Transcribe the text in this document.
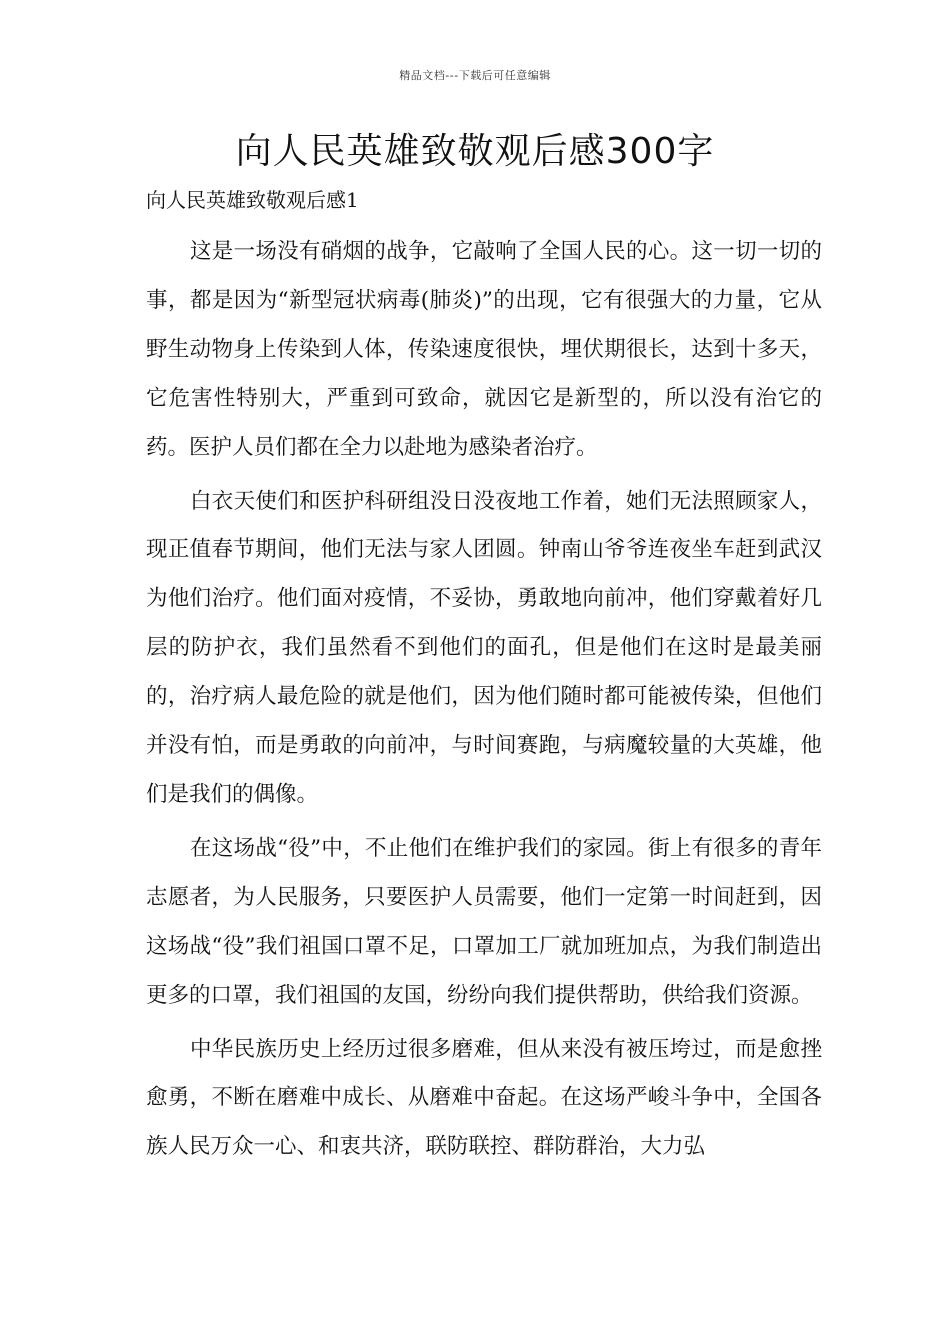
精品文档---下载后可任意编辑
向人民英雄致敬观后感300字

向人民英雄致敬观后感1

这是一场没有硝烟的战争，它敲响了全国人民的心。这一切一切的事，都是因为“新型冠状病毒(肺炎)”的出现，它有很强大的力量，它从野生动物身上传染到人体，传染速度很快，埋伏期很长，达到十多天，它危害性特别大，严重到可致命，就因它是新型的，所以没有治它的药。医护人员们都在全力以赴地为感染者治疗。

白衣天使们和医护科研组没日没夜地工作着，她们无法照顾家人，现正值春节期间，他们无法与家人团圆。钟南山爷爷连夜坐车赶到武汉为他们治疗。他们面对疫情，不妥协，勇敢地向前冲，他们穿戴着好几层的防护衣，我们虽然看不到他们的面孔，但是他们在这时是最美丽的，治疗病人最危险的就是他们，因为他们随时都可能被传染，但他们并没有怕，而是勇敢的向前冲，与时间赛跑，与病魔较量的大英雄，他们是我们的偶像。

在这场战“役”中，不止他们在维护我们的家园。街上有很多的青年志愿者，为人民服务，只要医护人员需要，他们一定第一时间赶到，因这场战“役”我们祖国口罩不足，口罩加工厂就加班加点，为我们制造出更多的口罩，我们祖国的友国，纷纷向我们提供帮助，供给我们资源。

中华民族历史上经历过很多磨难，但从来没有被压垮过，而是愈挫愈勇，不断在磨难中成长、从磨难中奋起。在这场严峻斗争中，全国各族人民万众一心、和衷共济，联防联控、群防群治，大力弘
